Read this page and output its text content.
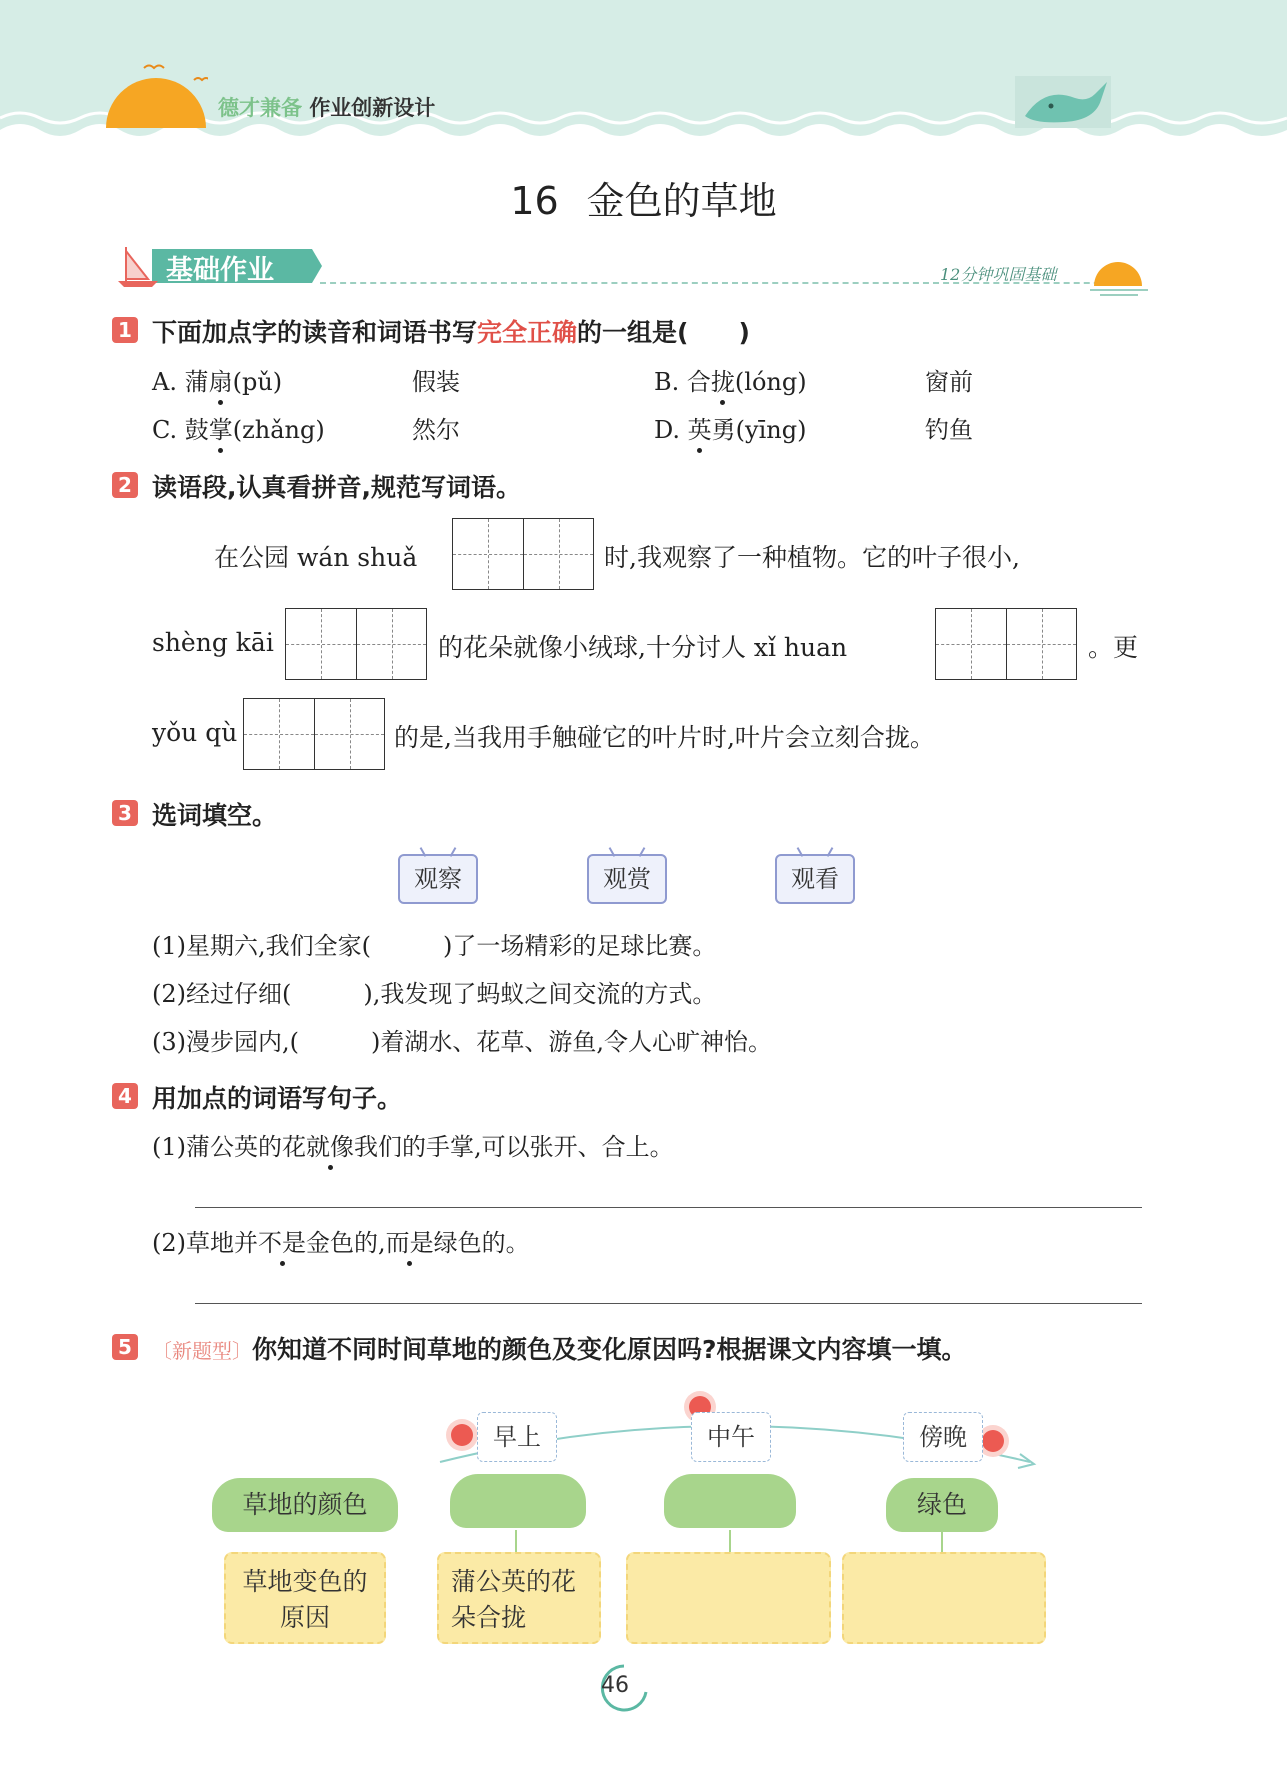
德才兼备 作业创新设计
16 金色的草地
基础作业	12分钟巩固基础
1 下面加点字的读音和词语书写完全正确的一组是(　　)
A. 蒲扇(pǔ)	假装	B. 合拢(lóng)	窗前
C. 鼓掌(zhǎng)	然尔	D. 英勇(yīng)	钓鱼
2 读语段,认真看拼音,规范写词语。
在公园 wán shuǎ	时,我观察了一种植物。它的叶子很小,
shèng kāi	的花朵就像小绒球,十分讨人 xǐ huan	。更
yǒu qù	的是,当我用手触碰它的叶片时,叶片会立刻合拢。
3 选词填空。
观察	观赏	观看
(1)星期六,我们全家(　　　)了一场精彩的足球比赛。
(2)经过仔细(　　　),我发现了蚂蚁之间交流的方式。
(3)漫步园内,(　　　)着湖水、花草、游鱼,令人心旷神怡。
4 用加点的词语写句子。
(1)蒲公英的花就像我们的手掌,可以张开、合上。
(2)草地并不是金色的,而是绿色的。
5	〔新题型〕你知道不同时间草地的颜色及变化原因吗?根据课文内容填一填。
早上	中午	傍晚
草地的颜色	绿色
草地变色的原因
蒲公英的花朵合拢
46
